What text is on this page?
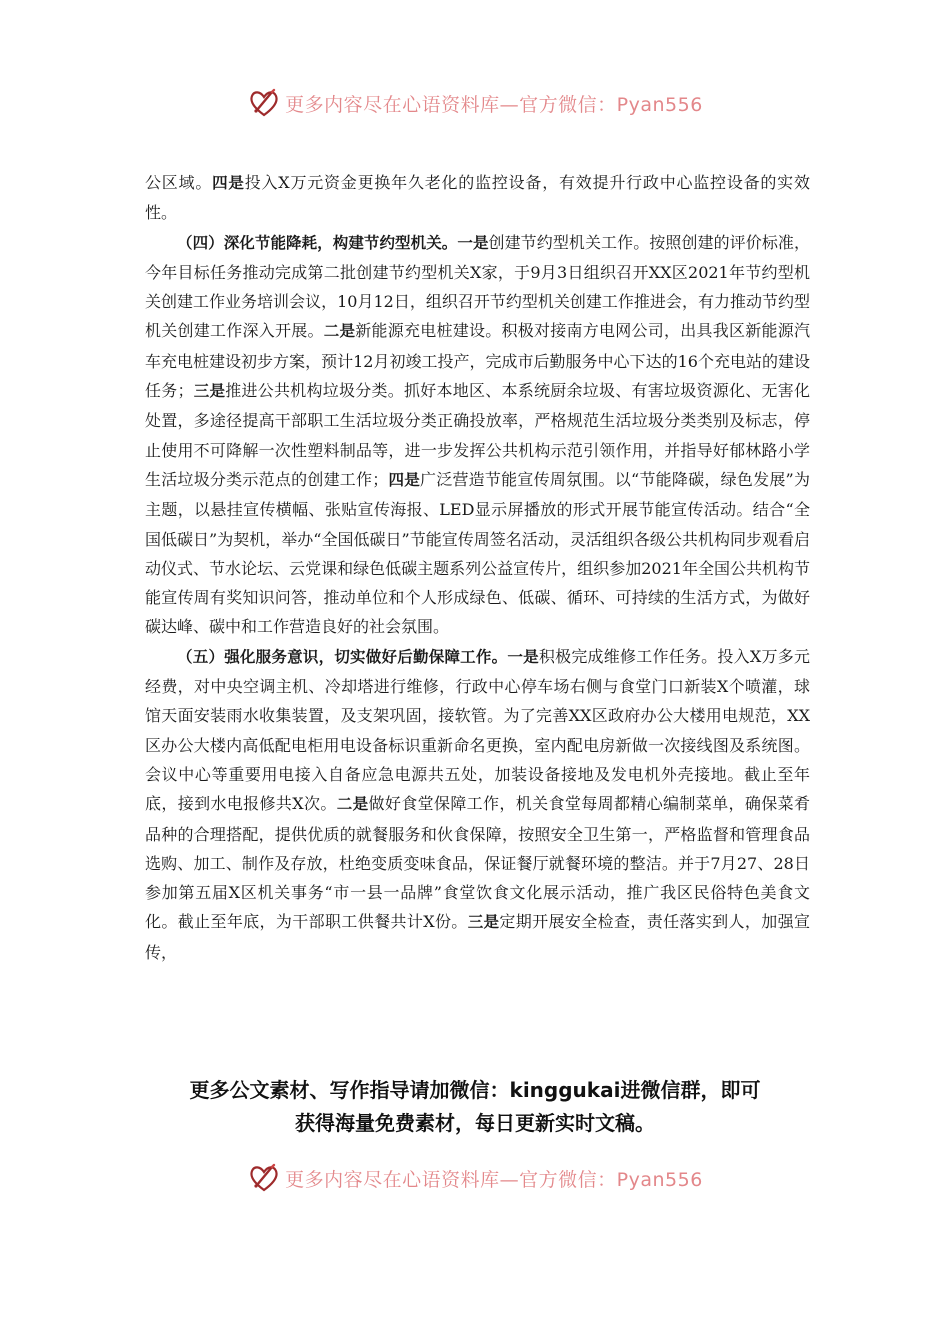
更多内容尽在心语资料库—官方微信：Pyan556

公区域。四是投入X万元资金更换年久老化的监控设备，有效提升行政中心监控设备的实效性。

（四）深化节能降耗，构建节约型机关。一是创建节约型机关工作。按照创建的评价标准，今年目标任务推动完成第二批创建节约型机关X家，于9月3日组织召开XX区2021年节约型机关创建工作业务培训会议，10月12日，组织召开节约型机关创建工作推进会，有力推动节约型机关创建工作深入开展。二是新能源充电桩建设。积极对接南方电网公司，出具我区新能源汽车充电桩建设初步方案，预计12月初竣工投产，完成市后勤服务中心下达的16个充电站的建设任务；三是推进公共机构垃圾分类。抓好本地区、本系统厨余垃圾、有害垃圾资源化、无害化处置，多途径提高干部职工生活垃圾分类正确投放率，严格规范生活垃圾分类类别及标志，停止使用不可降解一次性塑料制品等，进一步发挥公共机构示范引领作用，并指导好郁林路小学生活垃圾分类示范点的创建工作；四是广泛营造节能宣传周氛围。以“节能降碳，绿色发展”为主题，以悬挂宣传横幅、张贴宣传海报、LED显示屏播放的形式开展节能宣传活动。结合“全国低碳日”为契机，举办“全国低碳日”节能宣传周签名活动，灵活组织各级公共机构同步观看启动仪式、节水论坛、云党课和绿色低碳主题系列公益宣传片，组织参加2021年全国公共机构节能宣传周有奖知识问答，推动单位和个人形成绿色、低碳、循环、可持续的生活方式，为做好碳达峰、碳中和工作营造良好的社会氛围。

（五）强化服务意识，切实做好后勤保障工作。一是积极完成维修工作任务。投入X万多元经费，对中央空调主机、冷却塔进行维修，行政中心停车场右侧与食堂门口新装X个喷灌，球馆天面安装雨水收集装置，及支架巩固，接软管。为了完善XX区政府办公大楼用电规范，XX区办公大楼内高低配电柜用电设备标识重新命名更换，室内配电房新做一次接线图及系统图。会议中心等重要用电接入自备应急电源共五处，加装设备接地及发电机外壳接地。截止至年底，接到水电报修共X次。二是做好食堂保障工作，机关食堂每周都精心编制菜单，确保菜肴品种的合理搭配，提供优质的就餐服务和伙食保障，按照安全卫生第一，严格监督和管理食品选购、加工、制作及存放，杜绝变质变味食品，保证餐厅就餐环境的整洁。并于7月27、28日参加第五届X区机关事务“市一县一品牌”食堂饮食文化展示活动，推广我区民俗特色美食文化。截止至年底，为干部职工供餐共计X份。三是定期开展安全检查，责任落实到人，加强宣传，

更多公文素材、写作指导请加微信：kinggukai进微信群，即可

获得海量免费素材，每日更新实时文稿。

更多内容尽在心语资料库—官方微信：Pyan556
